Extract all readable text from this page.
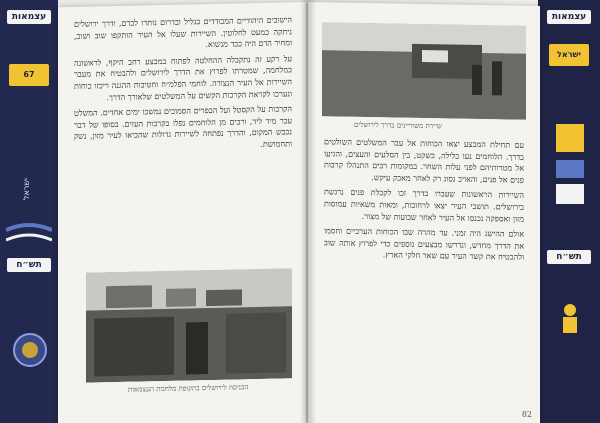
עצמאות
67
ישראל
תש״ח
עצמאות
ישראל
תש״ח

הישובים היהודיים המבודדים בגליל ובדרום נותרו לבדם, ודרך ירושלים ניתקה כמעט לחלוטין. השיירות שעלו אל העיר הותקפו שוב ושוב, ומחיר הדם היה כבד מנשוא.

על רקע זה נתקבלה ההחלטה לפתוח במבצע רחב היקף, לראשונה במלחמה, שמטרתו לפרוץ את הדרך לירושלים ולהבטיח את מעבר השיירות אל העיר הנצורה. לוחמי הפלמ״ח וחטיבות ההגנה ריכזו כוחות ונערכו לקראת הקרבות הקשים על המשלטים שלאורך הדרך.

הקרבות על הקסטל ועל הכפרים הסמוכים נמשכו ימים אחדים. המשלט עבר מיד ליד, ורבים מן הלוחמים נפלו בקרבות העזים. בסופו של דבר נכבש המקום, והדרך נפתחה לשיירות גדולות שהביאו לעיר מזון, נשק ותחמושת.

הכניסה לירושלים בתקופת מלחמת העצמאות
שיירת משוריינים בדרך לירושלים

עם תחילת המבצע יצאו הכוחות אל עבר המשלטים השולטים בדרך. הלוחמים נעו בלילה, בשקט, בין הסלעים והעצים, והגיעו אל מטרותיהם לפני עלות השחר. במקומות רבים התנהלו קרבות פנים אל פנים, והאויב נסוג רק לאחר מאבק עיקש.

השיירות הראשונות שעברו בדרך זכו לקבלת פנים נרגשת בירושלים. תושבי העיר יצאו לרחובות, ומאות משאיות עמוסות מזון ואספקה נכנסו אל העיר לאחר שבועות של מצור.

אולם ההישג היה זמני. עד מהרה שבו הכוחות הערביים וחסמו את הדרך מחדש, ונדרשו מבצעים נוספים כדי לפרוץ אותה שוב ולהבטיח את קשר העיר עם שאר חלקי הארץ.

82
